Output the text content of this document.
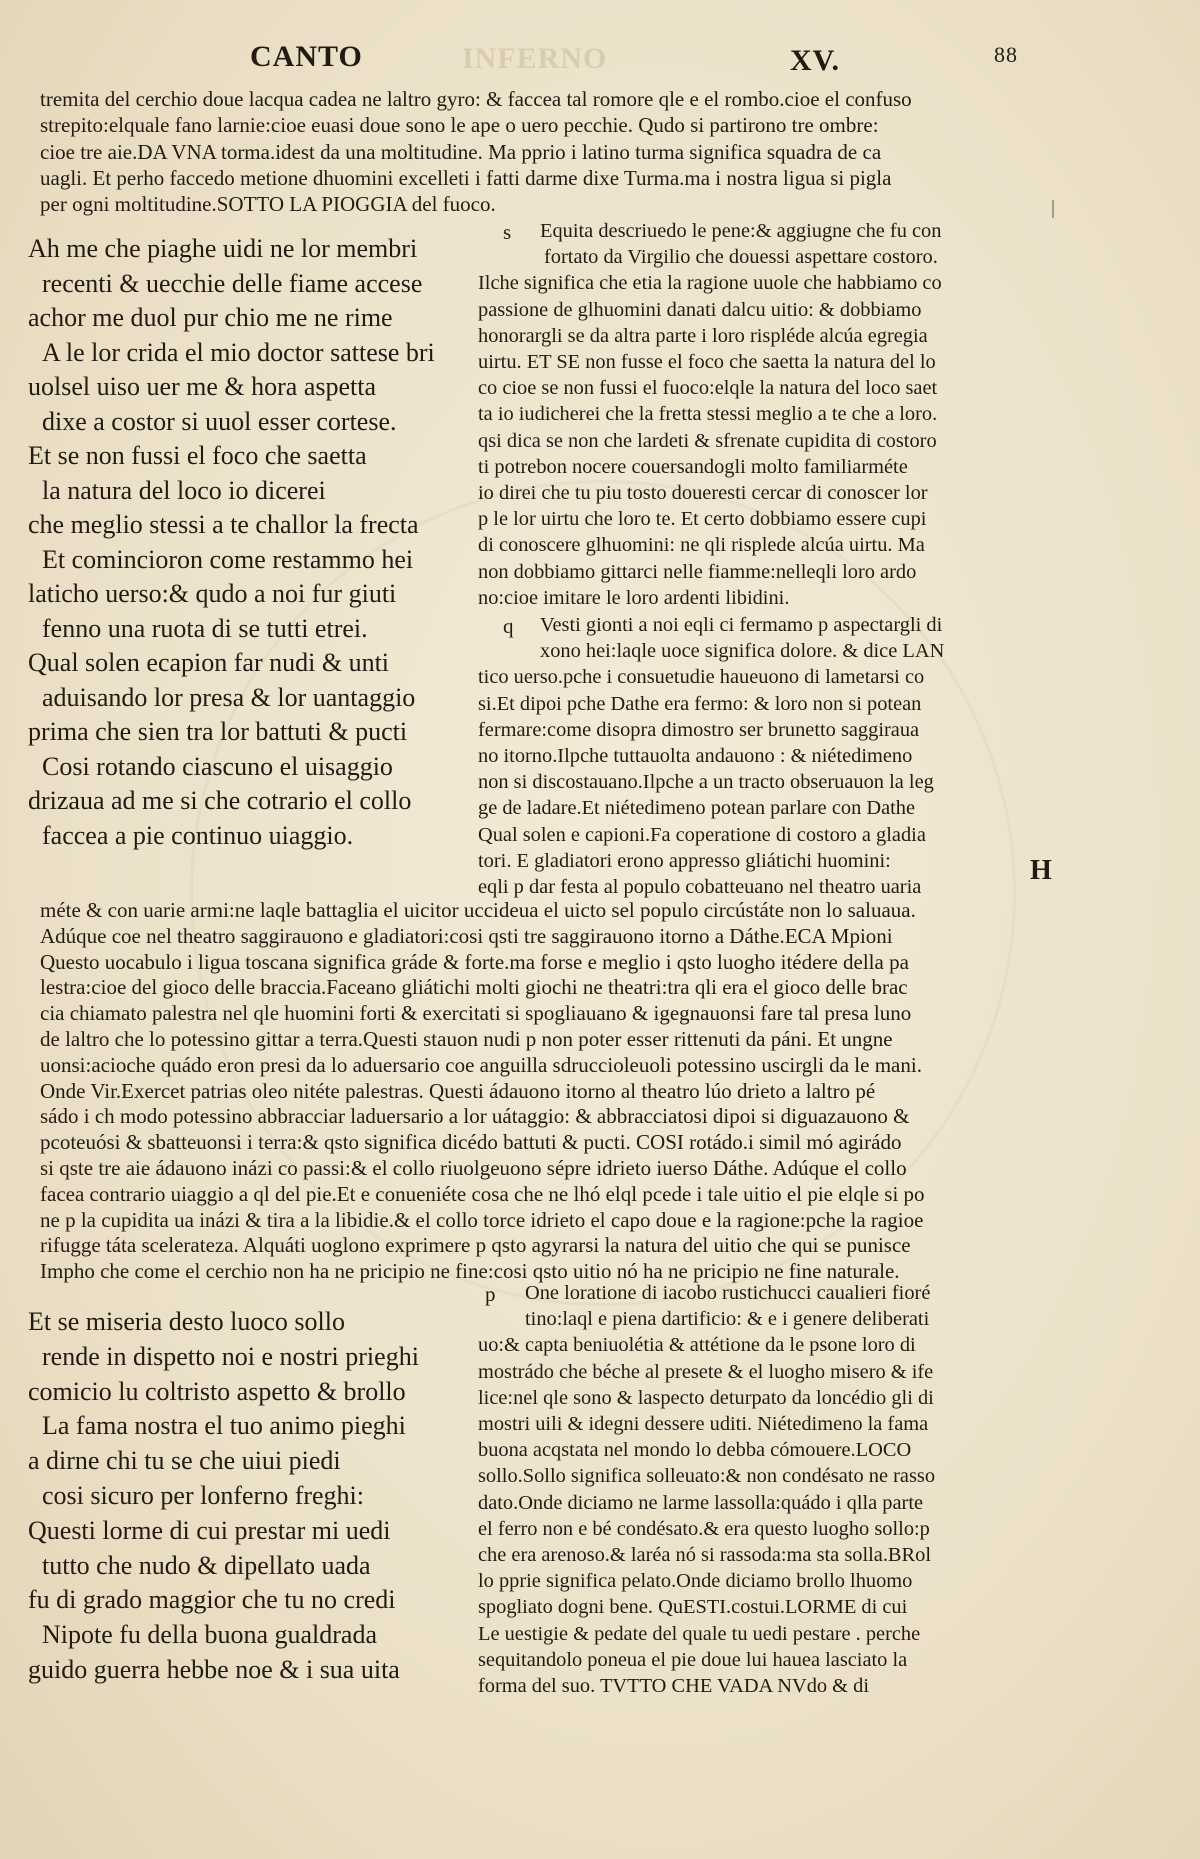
CANTO	INFERNO	XV.	88
tremita del cerchio doue lacqua cadea ne laltro gyro: & faccea tal romore qle e el rombo.cioe el confuso
strepito:elquale fano larnie:cioe euasi doue sono le ape o uero pecchie. Qudo si partirono tre ombre:
cioe tre aie.DA VNA torma.idest da una moltitudine. Ma pprio i latino turma significa squadra de ca
uagli. Et perho faccedo metione dhuomini excelleti i fatti darme dixe Turma.ma i nostra ligua si pigla
per ogni moltitudine.SOTTO LA PIOGGIA del fuoco.
Ah me che piaghe uidi ne lor membri
recenti & uecchie delle fiame accese
achor me duol pur chio me ne rime
A le lor crida el mio doctor sattese bri
uolsel uiso uer me & hora aspetta
dixe a costor si uuol esser cortese.
Et se non fussi el foco che saetta
la natura del loco io dicerei
che meglio stessi a te challor la frecta
Et comincioron come restammo hei
latiсho uerso:& qudo a noi fur giuti
fenno una ruota di se tutti etrei.
Qual solen ecapion far nudi & unti
aduisando lor presa & lor uantaggio
prima che sien tra lor battuti & pucti
Cosi rotando ciascuno el uisaggio
drizaua ad me si che cotrario el collo
faccea a pie continuo uiaggio.
s Equita descriuedo le pene:& aggiugne che fu con
fortato da Virgilio che douessi aspettare costoro.
Ilche significa che etia la ragione uuole che habbiamo co
passione de glhuomini danati dalcu uitio: & dobbiamo
honorargli se da altra parte i loro rispléde alcúa egregia
uirtu. ET SE non fusse el foco che saetta la natura del lo
co cioe se non fussi el fuoco:elqle la natura del loco saet
ta io iudicherei che la fretta stessi meglio a te che a loro.
qsi dica se non che lardeti & sfrenate cupidita di costoro
ti potrebon nocere couersandogli molto familiarméte
io direi che tu piu tosto doueresti cercar di conoscer lor
p le lor uirtu che loro te. Et certo dobbiamo essere cupi
di conoscere glhuomini: ne qli risplede alcúa uirtu. Ma
non dobbiamo gittarci nelle fiamme:nelleqli loro ardo
no:cioe imitare le loro ardenti libidini.
q Vesti gionti a noi eqli ci fermamo p aspectargli di
xono hei:laqle uoce significa dolore. & dice LAN
tico uerso.pche i consuetudie haueuono di lametarsi co
si.Et dipoi pche Dathe era fermo: & loro non si potean
fermare:come disopra dimostro ser brunetto saggiraua
no itorno.Ilpche tuttauolta andauono : & niétedimeno
non si discostauano.Ilpche a un tracto obseruauon la leg
ge de ladare.Et niétedimeno potean parlare con Dathe
Qual solen e capioni.Fa coperatione di costoro a gladia
tori. E gladiatori erono appresso gliátichi huomini:
eqli p dar festa al populo cobatteuano nel theatro uaria
H
méte & con uarie armi:ne laqle battaglia el uicitor uccideua el uicto sel populo circústáte non lo saluaua.
Adúque coe nel theatro saggirauono e gladiatori:cosi qsti tre saggirauono itorno a Dáthe.ECA Mpioni
Questo uocabulo i ligua toscana significa gráde & forte.ma forse e meglio i qsto luogho itédere della pa
lestra:cioe del gioco delle braccia.Faceano gliátichi molti giochi ne theatri:tra qli era el gioco delle brac
cia chiamato palestra nel qle huomini forti & exercitati si spogliauano & igegnauonsi fare tal presa luno
de laltro che lo potessino gittar a terra.Questi stauon nudi p non poter esser rittenuti da páni. Et ungne
uonsi:acioche quádo eron presi da lo aduersario coe anguilla sdruccioleuoli potessino uscirgli da le mani.
Onde Vir.Exercet patrias oleo nitéte palestras. Questi ádauono itorno al theatro lúo drieto a laltro pé
sádo i ch modo potessino abbracciar laduersario a lor uátaggio: & abbracciatosi dipoi si diguazauono &
pcoteuósi & sbatteuonsi i terra:& qsto significa dicédo battuti & pucti. COSI rotádo.i simil mó agirádo
si qste tre aie ádauono inázi co passi:& el collo riuolgeuono sépre idrieto iuerso Dáthe. Adúque el collo
facea contrario uiaggio a ql del pie.Et e conueniéte cosa che ne lhó elql pcede i tale uitio el pie elqle si po
ne p la cupidita ua inázi & tira a la libidie.& el collo torce idrieto el capo doue e la ragione:pche la ragioe
rifugge táta scelerateza. Alquáti uoglono exprimere p qsto agyrarsi la natura del uitio che qui se punisce
Impho che come el cerchio non ha ne pricipio ne fine:cosi qsto uitio nó ha ne pricipio ne fine naturale.
Et se miseria desto luoco sollo
rende in dispetto noi e nostri prieghi
comicio lu coltristo aspetto & brollo
La fama nostra el tuo animo pieghi
a dirne chi tu se che uiui piedi
cosi sicuro per lonferno freghi:
Questi lorme di cui prestar mi uedi
tutto che nudo & dipellato uada
fu di grado maggior che tu no credi
Nipote fu della buona gualdrada
guido guerra hebbe noe & i sua uita
p One loratione di iacobo rustichucci caualieri fioré
tino:laql e piena dartificio: & e i genere deliberati
uo:& capta beniuolétia & attétione da le psone loro di
mostrádo che béche al presete & el luogho misero & ife
lice:nel qle sono & laspecto deturpato da loncédio gli di
mostri uili & idegni dessere uditi. Niétedimeno la fama
buona acqstata nel mondo lo debba cómouere.LOCO
sollo.Sollo significa solleuato:& non condésato ne rasso
dato.Onde diciamo ne larme lassolla:quádo i qlla parte
el ferro non e bé condésato.& era questo luogho sollo:p
che era arenoso.& laréa nó si rassoda:ma sta solla.BRol
lo pprie significa pelato.Onde diciamo brollo lhuomo
spogliato dogni bene. QuESTI.costui.LORME di cui
Le uestigie & pedate del quale tu uedi pestare . perche
sequitandolo poneua el pie doue lui hauea lasciato la
forma del suo. TVTTO CHE VADA NVdo & di
